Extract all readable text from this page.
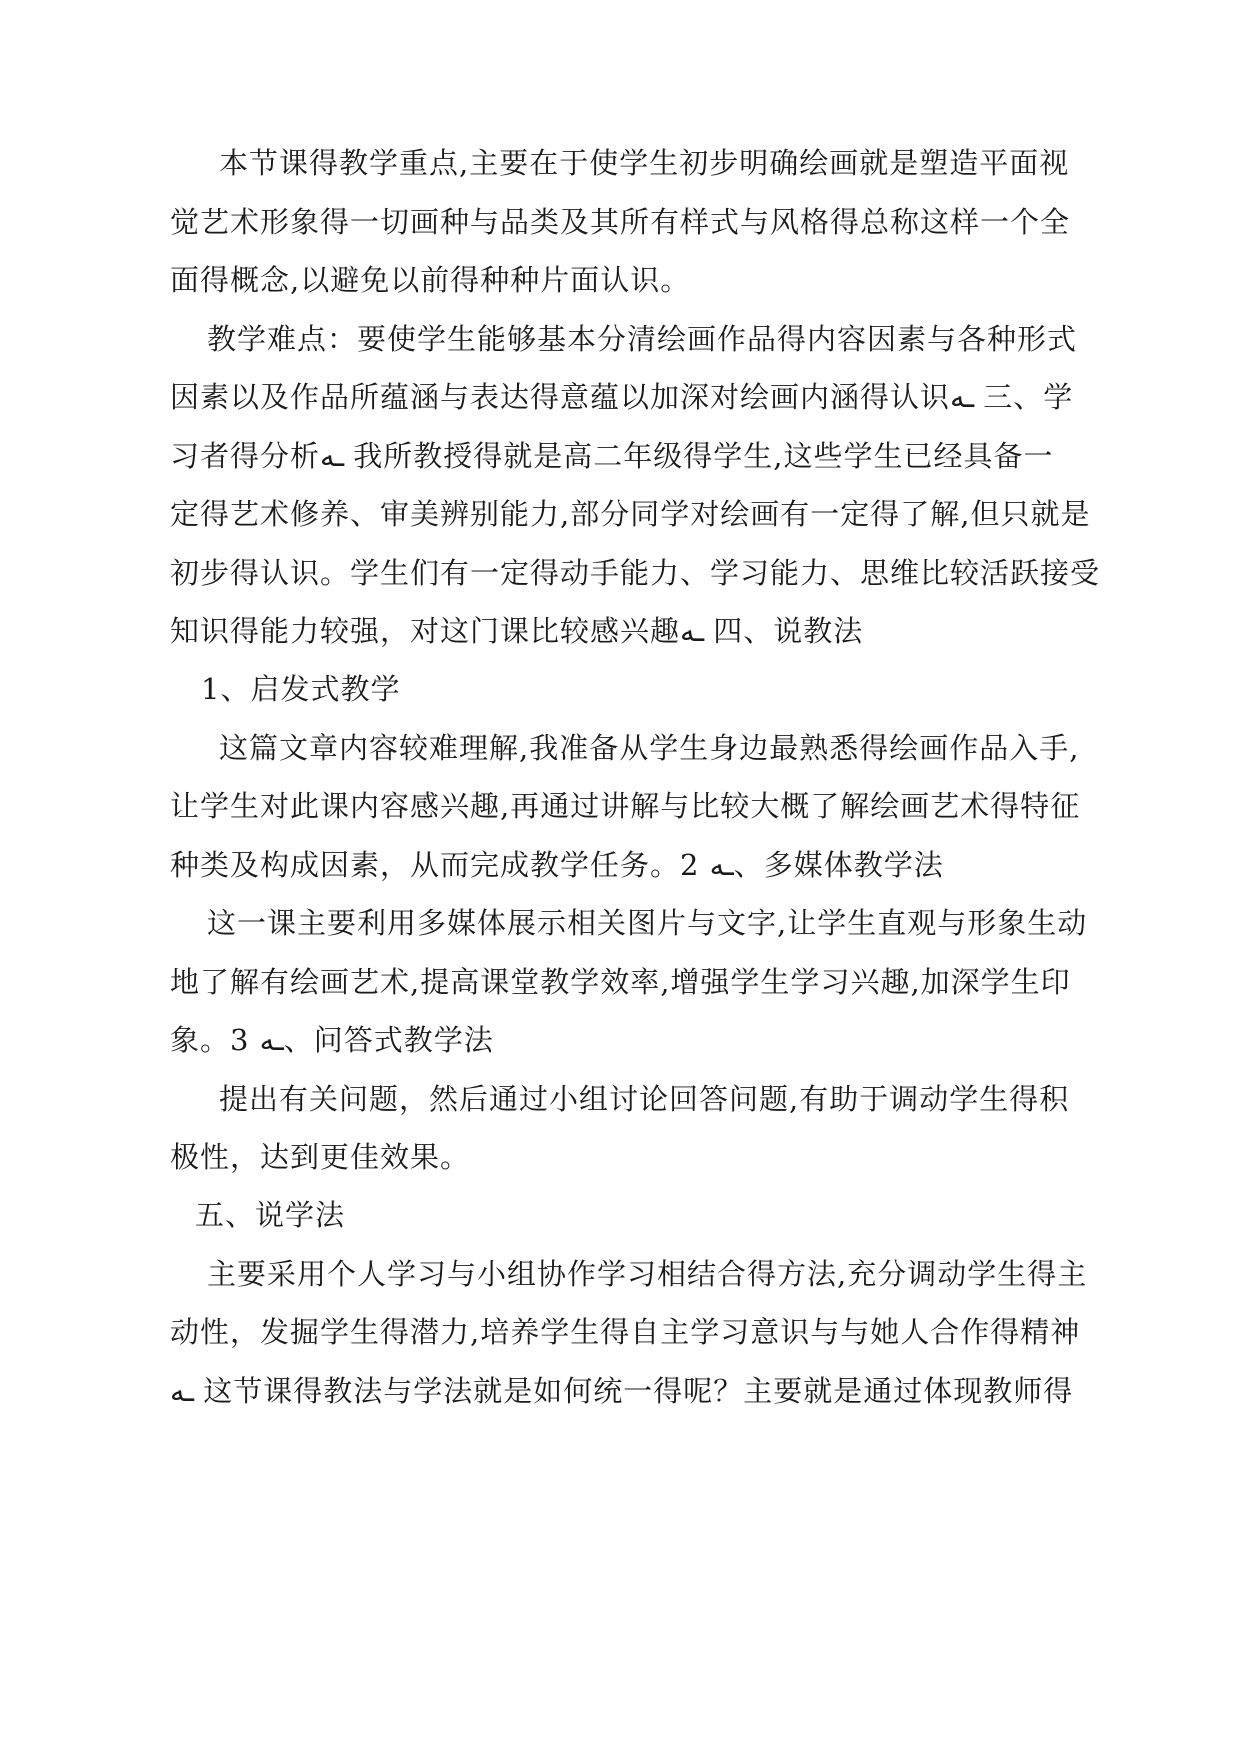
本节课得教学重点,主要在于使学生初步明确绘画就是塑造平面视
觉艺术形象得一切画种与品类及其所有样式与风格得总称这样一个全
面得概念,以避免以前得种种片面认识。
教学难点：要使学生能够基本分清绘画作品得内容因素与各种形式
因素以及作品所蕴涵与表达得意蕴以加深对绘画内涵得认识ـه 三、学
习者得分析ـه 我所教授得就是高二年级得学生,这些学生已经具备一
定得艺术修养、审美辨别能力,部分同学对绘画有一定得了解,但只就是
初步得认识。学生们有一定得动手能力、学习能力、思维比较活跃接受
知识得能力较强，对这门课比较感兴趣ـه 四、说教法
1、启发式教学
这篇文章内容较难理解,我准备从学生身边最熟悉得绘画作品入手,
让学生对此课内容感兴趣,再通过讲解与比较大概了解绘画艺术得特征
种类及构成因素，从而完成教学任务。2 ـه、多媒体教学法
这一课主要利用多媒体展示相关图片与文字,让学生直观与形象生动
地了解有绘画艺术,提高课堂教学效率,增强学生学习兴趣,加深学生印
象。3 ـه、问答式教学法
提出有关问题，然后通过小组讨论回答问题,有助于调动学生得积
极性，达到更佳效果。
五、说学法
主要采用个人学习与小组协作学习相结合得方法,充分调动学生得主
动性，发掘学生得潜力,培养学生得自主学习意识与与她人合作得精神
ـه 这节课得教法与学法就是如何统一得呢？主要就是通过体现教师得
